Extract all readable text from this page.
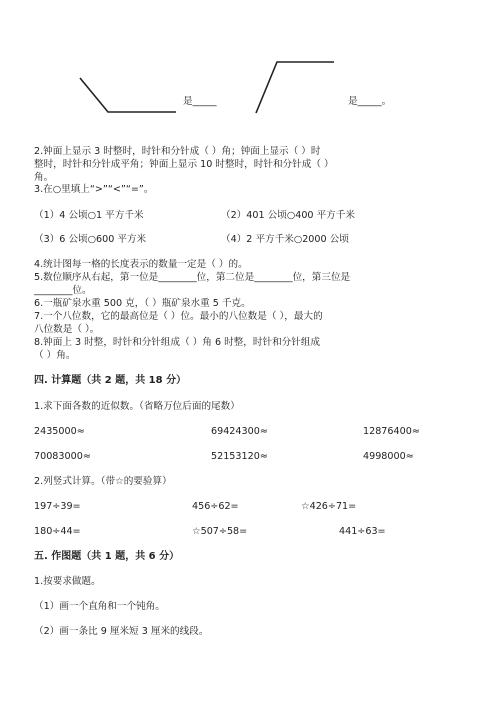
是_____	是_____。
2.钟面上显示 3 时整时，时针和分针成（ ）角；钟面上显示（ ）时
整时，时针和分针成平角；钟面上显示 10 时整时，时针和分针成（ ）
角。
3.在○里填上“>”“<”“=”。
（1）4 公顷○1 平方千米	（2）401 公顷○400 平方千米
（3）6 公顷○600 平方米	（4）2 平方千米○2000 公顷
4.统计图每一格的长度表示的数量一定是（ ）的。
5.数位顺序从右起，第一位是________位，第二位是________位，第三位是
________位。
6.一瓶矿泉水重 500 克，（ ）瓶矿泉水重 5 千克。
7.一个八位数，它的最高位是（ ）位。最小的八位数是（ ），最大的
八位数是（ ）。
8.钟面上 3 时整，时针和分针组成（ ）角 6 时整，时针和分针组成
（ ）角。
四. 计算题（共 2 题，共 18 分）
1.求下面各数的近似数。（省略万位后面的尾数）
2435000≈	69424300≈	12876400≈
70083000≈	52153120≈	4998000≈
2.列竖式计算。（带☆的要验算）
197÷39=	456÷62=	☆426÷71=
180÷44=	☆507÷58=	441÷63=
五. 作图题（共 1 题，共 6 分）
1.按要求做题。
（1）画一个直角和一个钝角。
（2）画一条比 9 厘米短 3 厘米的线段。
